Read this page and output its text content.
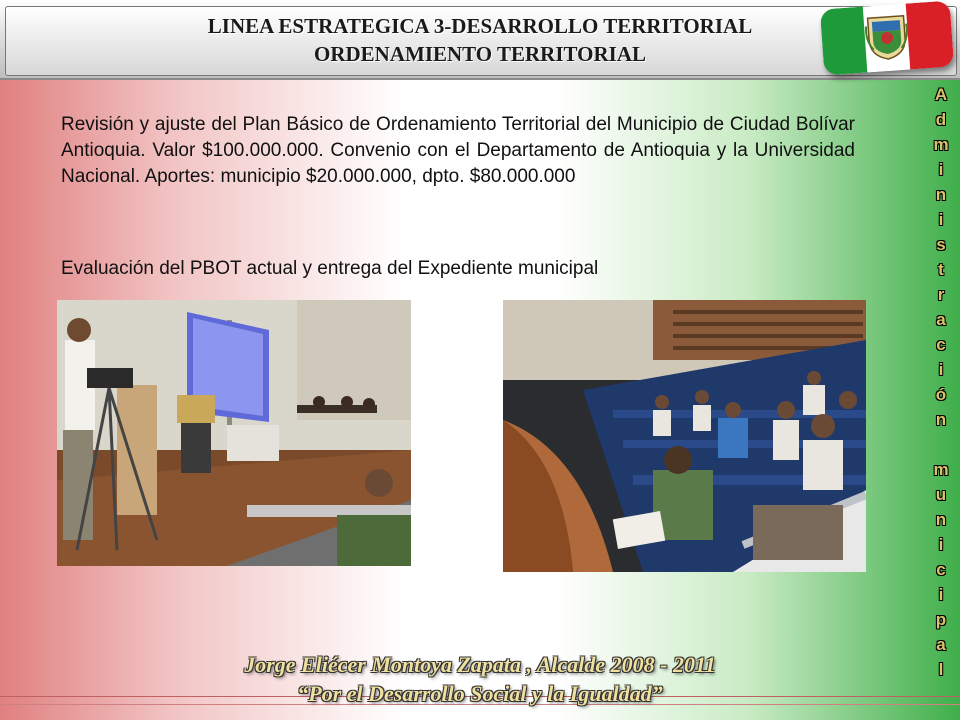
LINEA ESTRATEGICA 3-DESARROLLO TERRITORIAL
ORDENAMIENTO TERRITORIAL
Revisión y ajuste del Plan Básico de Ordenamiento Territorial del Municipio de Ciudad Bolívar Antioquia. Valor $100.000.000. Convenio con el Departamento de Antioquia y la Universidad Nacional. Aportes: municipio $20.000.000, dpto. $80.000.000
Evaluación del PBOT actual y entrega del Expediente municipal
A
d
m
i
n
i
s
t
r
a
c
i
ó
n
m
u
n
i
c
i
p
a
l
Jorge Eliécer Montoya Zapata , Alcalde 2008 - 2011
“Por el Desarrollo Social y la Igualdad”
